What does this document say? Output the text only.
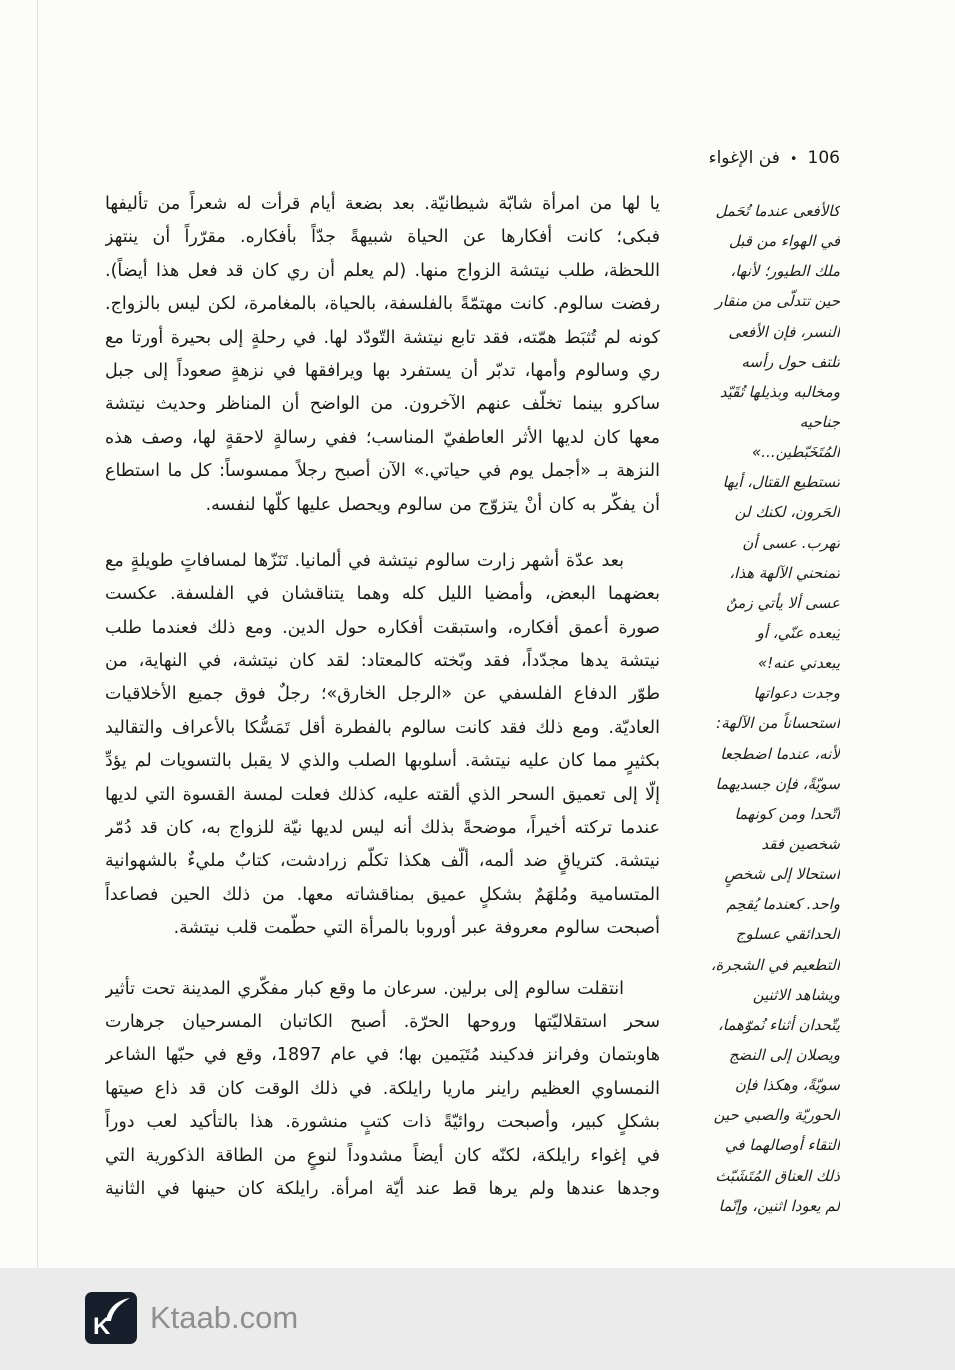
106•فن الإغواء
يا لها من امرأة شابّة شيطانيّة. بعد بضعة أيام قرأت له شعراً من تأليفها
فبكى؛ كانت أفكارها عن الحياة شبيهةً جدّاً بأفكاره. مقرّراً أن ينتهز
اللحظة، طلب نيتشة الزواج منها. (لم يعلم أن ري كان قد فعل هذا أيضاً).
رفضت سالوم. كانت مهتمّةً بالفلسفة، بالحياة، بالمغامرة، لكن ليس بالزواج.
كونه لم تُثبَط همّته، فقد تابع نيتشة التّودّد لها. في رحلةٍ إلى بحيرة أورتا مع
ري وسالوم وأمها، تدبّر أن يستفرد بها ويرافقها في نزهةٍ صعوداً إلى جبل
ساكرو بينما تخلّف عنهم الآخرون. من الواضح أن المناظر وحديث نيتشة
معها كان لديها الأثر العاطفيّ المناسب؛ ففي رسالةٍ لاحقةٍ لها، وصف هذه
النزهة بـ «أجمل يوم في حياتي.» الآن أصبح رجلاً ممسوساً: كل ما استطاع
أن يفكّر به كان أنْ يتزوّج من سالوم ويحصل عليها كلّها لنفسه.
بعد عدّة أشهر زارت سالوم نيتشة في ألمانيا. تَنَزّها لمسافاتٍ طويلةٍ مع
بعضهما البعض، وأمضيا الليل كله وهما يتناقشان في الفلسفة. عكست
صورة أعمق أفكاره، واستبقت أفكاره حول الدين. ومع ذلك فعندما طلب
نيتشة يدها مجدّداً، فقد وبّخته كالمعتاد: لقد كان نيتشة، في النهاية، من
طوّر الدفاع الفلسفي عن «الرجل الخارق»؛ رجلٌ فوق جميع الأخلاقيات
العاديّة. ومع ذلك فقد كانت سالوم بالفطرة أقل تَمَسُّكا بالأعراف والتقاليد
بكثيرٍ مما كان عليه نيتشة. أسلوبها الصلب والذي لا يقبل بالتسويات لم يؤدِّ
إلّا إلى تعميق السحر الذي ألقته عليه، كذلك فعلت لمسة القسوة التي لديها
عندما تركته أخيراً، موضحةً بذلك أنه ليس لديها نيّة للزواج به، كان قد دُمّر
نيتشة. كترياقٍ ضد ألمه، ألّف هكذا تكلّم زرادشت، كتابٌ مليءٌ بالشهوانية
المتسامية ومُلهَمٌ بشكلٍ عميق بمناقشاته معها. من ذلك الحين فصاعداً
أصبحت سالوم معروفة عبر أوروبا بالمرأة التي حطّمت قلب نيتشة.
انتقلت سالوم إلى برلين. سرعان ما وقع كبار مفكّري المدينة تحت تأثير
سحر استقلاليّتها وروحها الحرّة. أصبح الكاتبان المسرحيان جرهارت
هاوبتمان وفرانز فدكيند مُتَيَمين بها؛ في عام 1897، وقع في حبّها الشاعر
النمساوي العظيم راينر ماريا رايلكة. في ذلك الوقت كان قد ذاع صيتها
بشكلٍ كبير، وأصبحت روائيّةً ذات كتبٍ منشورة. هذا بالتأكيد لعب دوراً
في إغواء رايلكة، لكنّه كان أيضاً مشدوداً لنوعٍ من الطاقة الذكورية التي
وجدها عندها ولم يرها قط عند أيّة امرأة. رايلكة كان حينها في الثانية
كالأفعى عندما تُحَمل
في الهواء من قبل
ملك الطيور؛ لأنها،
حين تتدلّى من منقار
النسر، فإن الأفعى
تلتف حول رأسه
ومخالبه وبذيلها تُقَيّد
جناحيه
المُتَخَبّطين...»
تستطيع القتال، أيها
الحَرون، لكنك لن
تهرب. عسى أن
تمنحني الآلهة هذا،
عسى ألا يأتي زمنٌ
يُبعده عنّي، أو
يبعدني عنه!»
وجدت دعواتها
استحساناً من الآلهة:
لأنه، عندما اضطجعا
سويّةً، فإن جسديهما
اتّحدا ومن كونهما
شخصين فقد
استحالا إلى شخصٍ
واحد. كعندما يُقحِم
الحدائقي عسلوج
التطعيم في الشجرة،
ويشاهد الاثنين
يتّحدان أثناء نُموّهما،
ويصلان إلى النضج
سويّةً، وهكذا فإن
الحوريّة والصبي حين
التقاء أوصالهما في
ذلك العناق المُتَشَبّث
لم يعودا اثنين، وإنّما
K Ktaab.com
